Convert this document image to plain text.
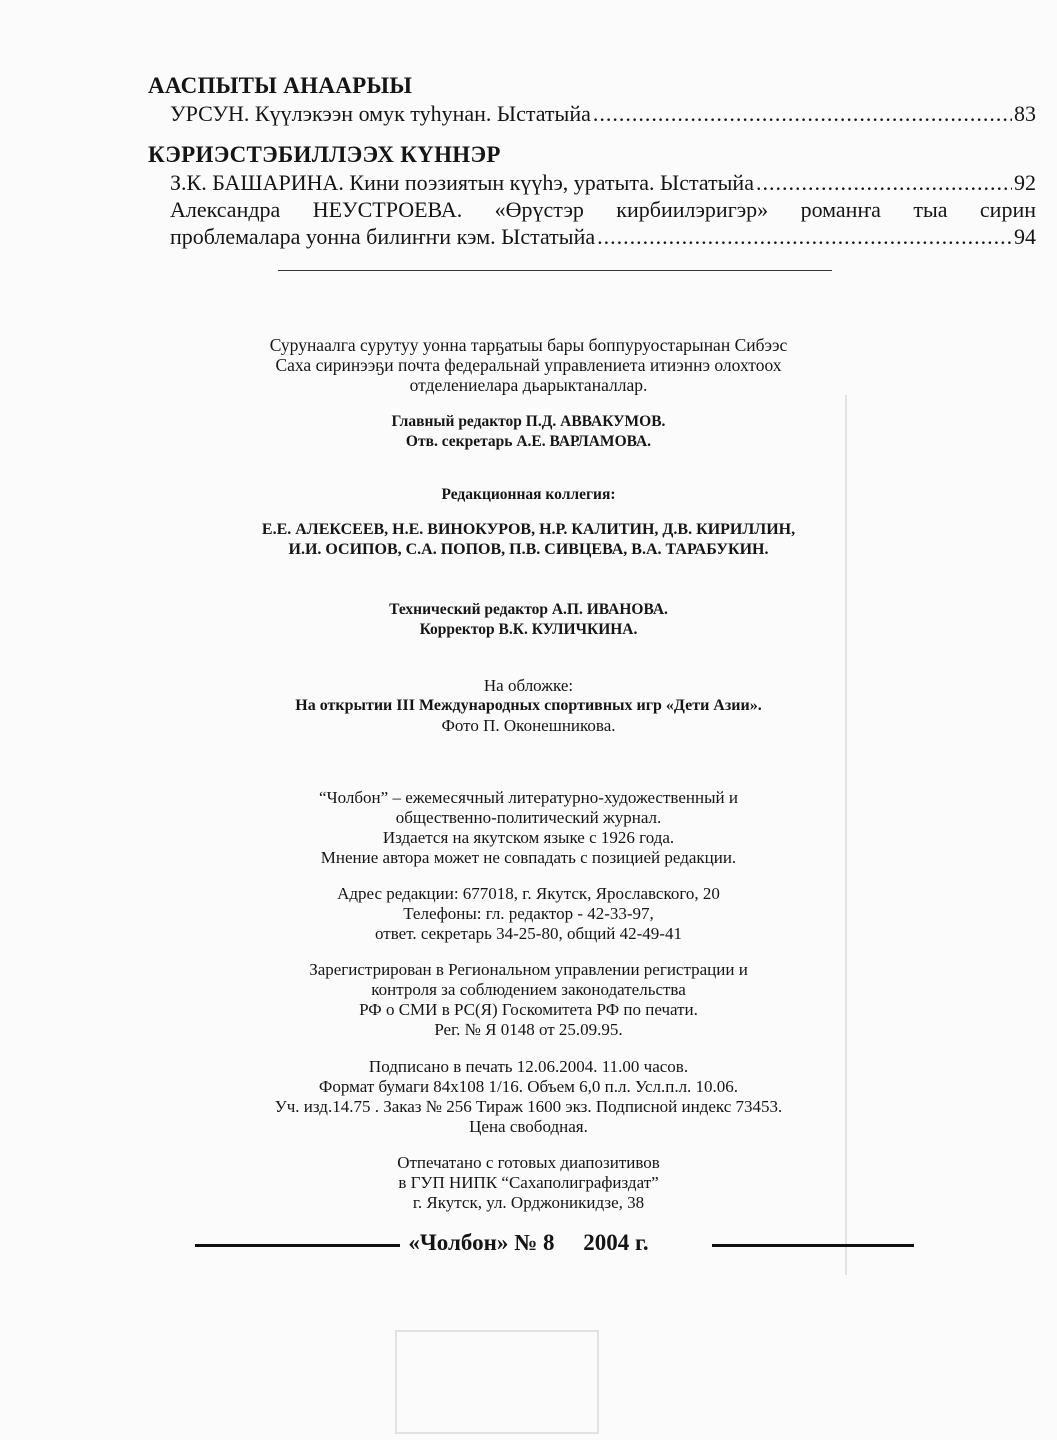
ААСПЫТЫ АНААРЫЫ
УРСУН. Күүлэкээн омук туһунан. Ыстатыйа .....	83
КЭРИЭСТЭБИЛЛЭЭХ КҮННЭР
З.К. БАШАРИНА. Кини поэзиятын күүһэ, уратыта. Ыстатыйа .....	92
Александра НЕУСТРОЕВА. «Өрүстэр кирбиилэригэр» романҥа тыа сирин
проблемалара уонна билиҥҥи кэм. Ыстатыйа .....	94
Сурунаалга сурутуу уонна тарҕатыы бары боппуруостарынан Сибээс
Саха сиринээҕи почта федеральнай управлениета итиэннэ олохтоох
отделениелара дьарыктаналлар.
Главный редактор П.Д. АВВАКУМОВ.
Отв. секретарь А.Е. ВАРЛАМОВА.
Редакционная коллегия:
Е.Е. АЛЕКСЕЕВ, Н.Е. ВИНОКУРОВ, Н.Р. КАЛИТИН, Д.В. КИРИЛЛИН,
И.И. ОСИПОВ, С.А. ПОПОВ, П.В. СИВЦЕВА, В.А. ТАРАБУКИН.
Технический редактор А.П. ИВАНОВА.
Корректор В.К. КУЛИЧКИНА.
На обложке:
На открытии III Международных спортивных игр «Дети Азии».
Фото П. Оконешникова.
“Чолбон” – ежемесячный литературно-художественный и
общественно-политический журнал.
Издается на якутском языке с 1926 года.
Мнение автора может не совпадать с позицией редакции.
Адрес редакции: 677018, г. Якутск, Ярославского, 20
Телефоны: гл. редактор - 42-33-97,
ответ. секретарь 34-25-80, общий 42-49-41
Зарегистрирован в Региональном управлении регистрации и
контроля за соблюдением законодательства
РФ о СМИ в РС(Я) Госкомитета РФ по печати.
Рег. № Я 0148 от 25.09.95.
Подписано в печать 12.06.2004. 11.00 часов.
Формат бумаги 84x108 1/16. Объем 6,0 п.л. Усл.п.л. 10.06.
Уч. изд.14.75 . Заказ № 256 Тираж 1600 экз. Подписной индекс 73453.
Цена свободная.
Отпечатано с готовых диапозитивов
в ГУП НИПК “Сахаполиграфиздат”
г. Якутск, ул. Орджоникидзе, 38
«Чолбон» № 8     2004 г.
